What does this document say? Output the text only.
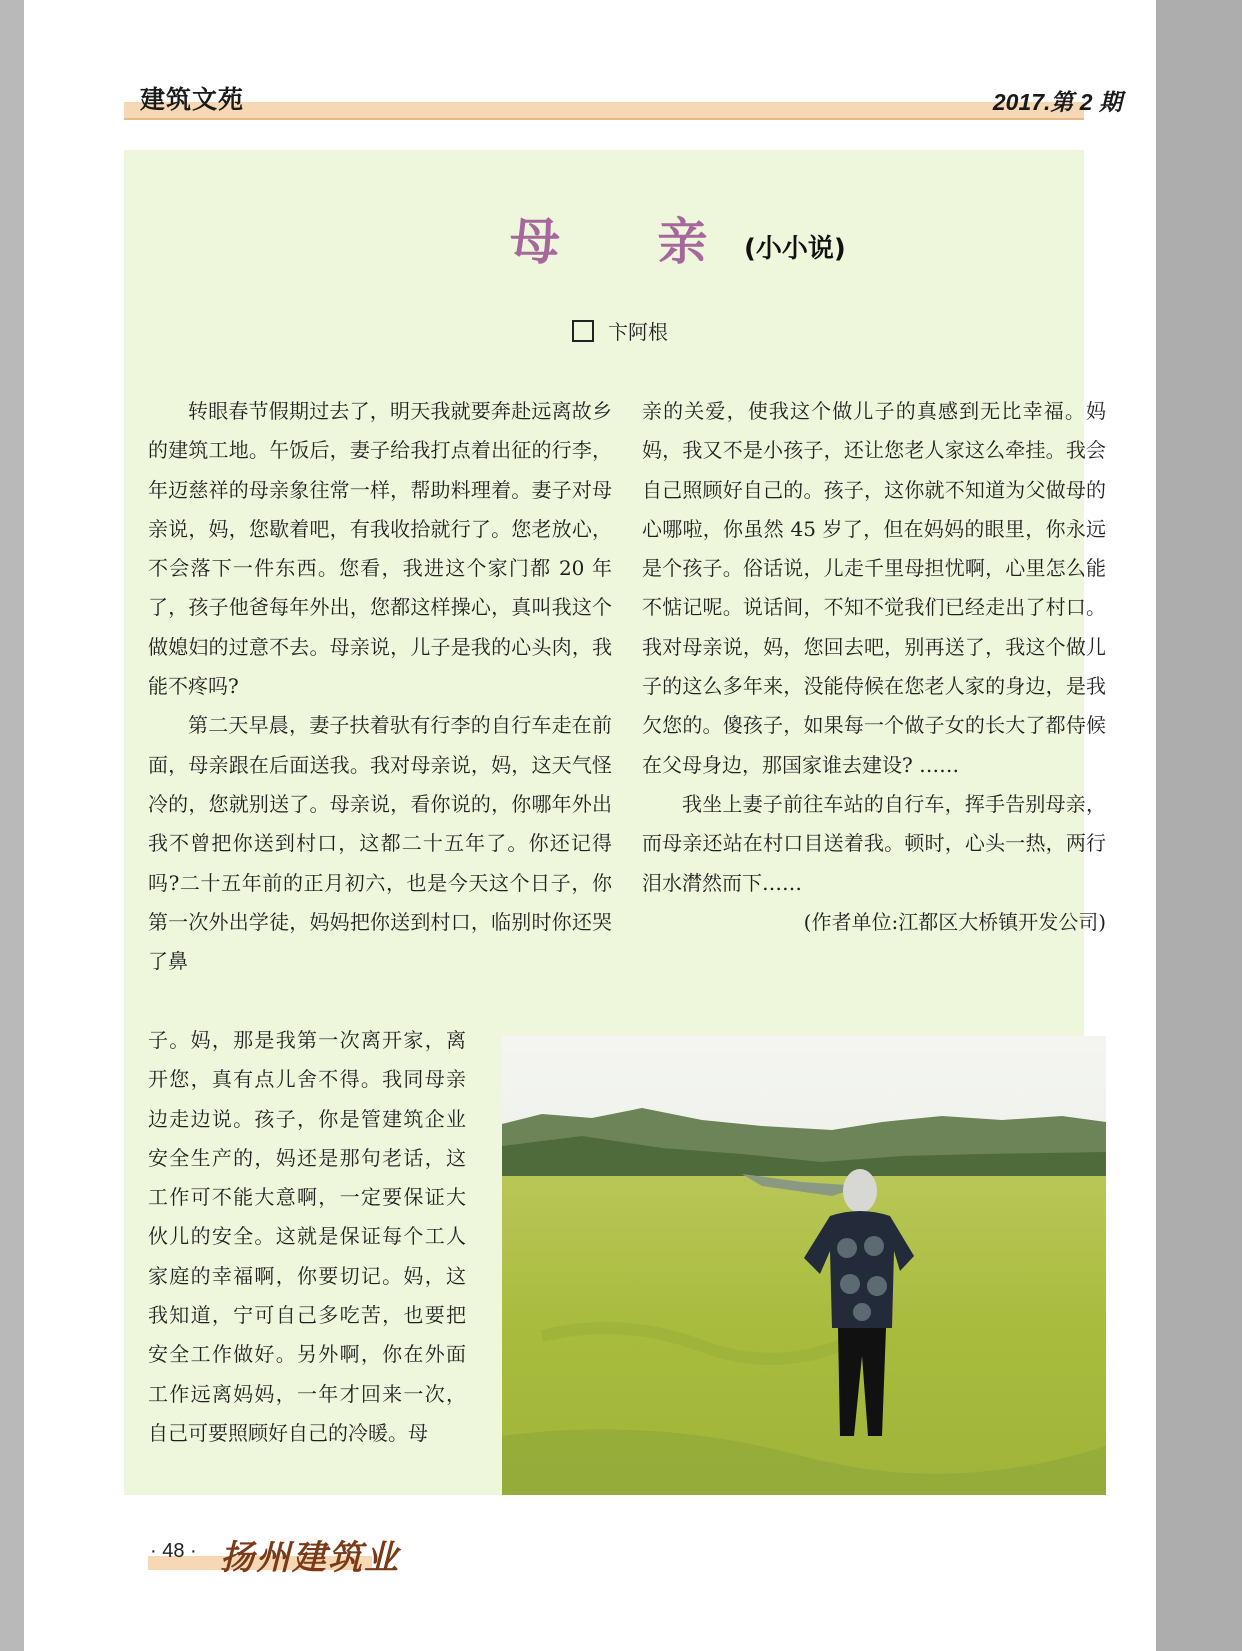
建筑文苑	2017.第 2 期
母 亲
(小小说)
卞阿根

转眼春节假期过去了，明天我就要奔赴远离故乡的建筑工地。午饭后，妻子给我打点着出征的行李，年迈慈祥的母亲象往常一样，帮助料理着。妻子对母亲说，妈，您歇着吧，有我收拾就行了。您老放心，不会落下一件东西。您看，我进这个家门都 20 年了，孩子他爸每年外出，您都这样操心，真叫我这个做媳妇的过意不去。母亲说，儿子是我的心头肉，我能不疼吗?

第二天早晨，妻子扶着驮有行李的自行车走在前面，母亲跟在后面送我。我对母亲说，妈，这天气怪冷的，您就别送了。母亲说，看你说的，你哪年外出我不曾把你送到村口，这都二十五年了。你还记得吗?二十五年前的正月初六，也是今天这个日子，你第一次外出学徒，妈妈把你送到村口，临别时你还哭了鼻

子。妈，那是我第一次离开家，离开您，真有点儿舍不得。我同母亲边走边说。孩子，你是管建筑企业安全生产的，妈还是那句老话，这工作可不能大意啊，一定要保证大伙儿的安全。这就是保证每个工人家庭的幸福啊，你要切记。妈，这我知道，宁可自己多吃苦，也要把安全工作做好。另外啊，你在外面工作远离妈妈，一年才回来一次，自己可要照顾好自己的冷暖。母

亲的关爱，使我这个做儿子的真感到无比幸福。妈妈，我又不是小孩子，还让您老人家这么牵挂。我会自己照顾好自己的。孩子，这你就不知道为父做母的心哪啦，你虽然 45 岁了，但在妈妈的眼里，你永远是个孩子。俗话说，儿走千里母担忧啊，心里怎么能不惦记呢。说话间，不知不觉我们已经走出了村口。我对母亲说，妈，您回去吧，别再送了，我这个做儿子的这么多年来，没能侍候在您老人家的身边，是我欠您的。傻孩子，如果每一个做子女的长大了都侍候在父母身边，那国家谁去建设? ……

我坐上妻子前往车站的自行车，挥手告别母亲，而母亲还站在村口目送着我。顿时，心头一热，两行泪水潸然而下……

(作者单位:江都区大桥镇开发公司)

· 48 · 扬州建筑业
